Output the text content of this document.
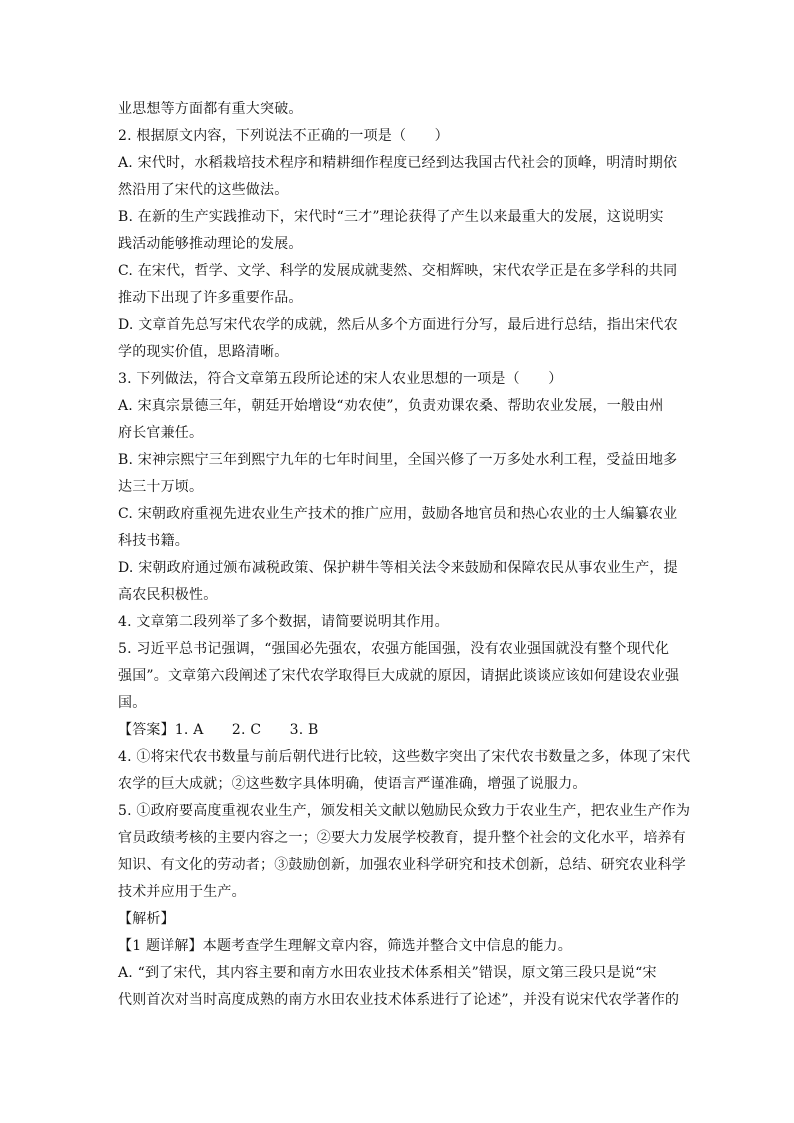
业思想等方面都有重大突破。
2. 根据原文内容，下列说法不正确的一项是（　　）
A. 宋代时，水稻栽培技术程序和精耕细作程度已经到达我国古代社会的顶峰，明清时期依
然沿用了宋代的这些做法。
B. 在新的生产实践推动下，宋代时“三才”理论获得了产生以来最重大的发展，这说明实
践活动能够推动理论的发展。
C. 在宋代，哲学、文学、科学的发展成就斐然、交相辉映，宋代农学正是在多学科的共同
推动下出现了许多重要作品。
D. 文章首先总写宋代农学的成就，然后从多个方面进行分写，最后进行总结，指出宋代农
学的现实价值，思路清晰。
3. 下列做法，符合文章第五段所论述的宋人农业思想的一项是（　　）
A. 宋真宗景德三年，朝廷开始增设“劝农使”，负责劝课农桑、帮助农业发展，一般由州
府长官兼任。
B. 宋神宗熙宁三年到熙宁九年的七年时间里，全国兴修了一万多处水利工程，受益田地多
达三十万顷。
C. 宋朝政府重视先进农业生产技术的推广应用，鼓励各地官员和热心农业的士人编纂农业
科技书籍。
D. 宋朝政府通过颁布减税政策、保护耕牛等相关法令来鼓励和保障农民从事农业生产，提
高农民积极性。
4. 文章第二段列举了多个数据，请简要说明其作用。
5. 习近平总书记强调，“强国必先强农，农强方能国强，没有农业强国就没有整个现代化
强国”。文章第六段阐述了宋代农学取得巨大成就的原因，请据此谈谈应该如何建设农业强
国。
【答案】1. A　　2. C　　3. B
4. ①将宋代农书数量与前后朝代进行比较，这些数字突出了宋代农书数量之多，体现了宋代
农学的巨大成就；②这些数字具体明确，使语言严谨准确，增强了说服力。
5. ①政府要高度重视农业生产，颁发相关文献以勉励民众致力于农业生产，把农业生产作为
官员政绩考核的主要内容之一；②要大力发展学校教育，提升整个社会的文化水平，培养有
知识、有文化的劳动者；③鼓励创新，加强农业科学研究和技术创新，总结、研究农业科学
技术并应用于生产。
【解析】
【1 题详解】本题考查学生理解文章内容，筛选并整合文中信息的能力。
A. “到了宋代，其内容主要和南方水田农业技术体系相关”错误，原文第三段只是说“宋
代则首次对当时高度成熟的南方水田农业技术体系进行了论述”，并没有说宋代农学著作的
